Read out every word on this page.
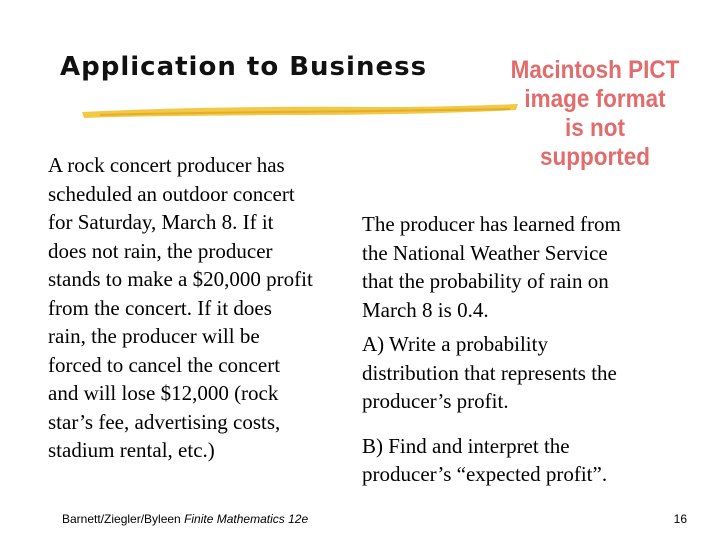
Application to Business	Macintosh PICT
image format
is not supported
A rock concert producer has
scheduled an outdoor concert
for Saturday, March 8. If it
does not rain, the producer
stands to make a $20,000 profit
from the concert. If it does
rain, the producer will be
forced to cancel the concert
and will lose $12,000 (rock
star’s fee, advertising costs,
stadium rental, etc.)
The producer has learned from
the National Weather Service
that the probability of rain on
March 8 is 0.4.
A) Write a probability
distribution that represents the
producer’s profit.
B) Find and interpret the
producer’s “expected profit”.
Barnett/Ziegler/Byleen Finite Mathematics 12e	16
